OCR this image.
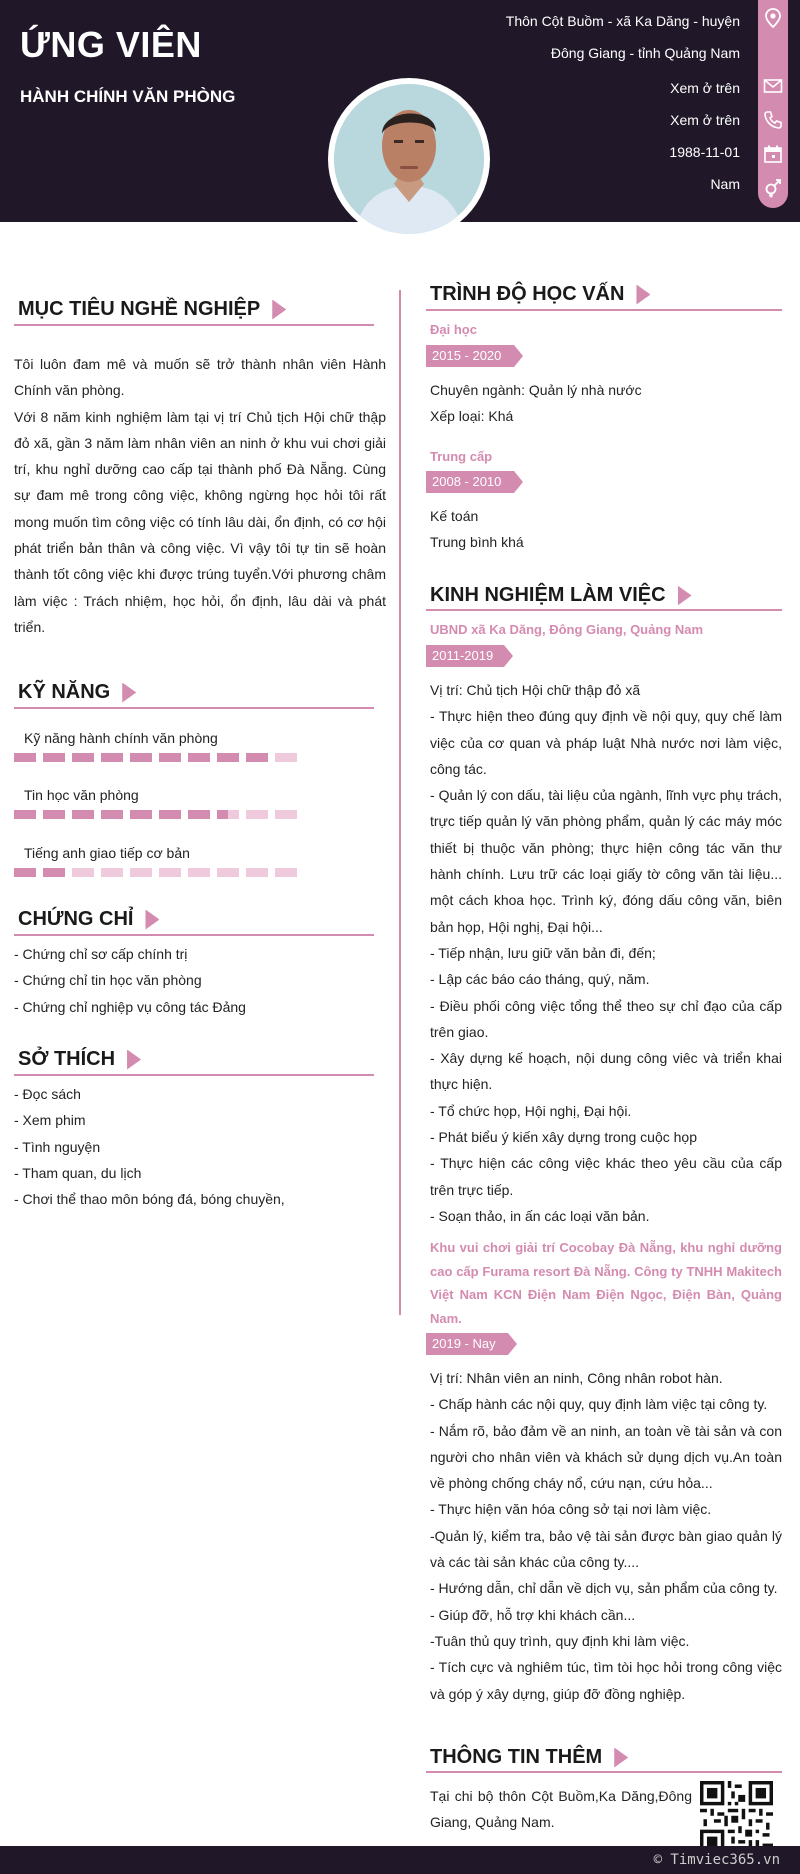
ỨNG VIÊN
HÀNH CHÍNH VĂN PHÒNG
Thôn Cột Buồm - xã Ka Dăng - huyện
Đông Giang - tỉnh Quảng Nam
Xem ở trên
Xem ở trên
1988-11-01
Nam
MỤC TIÊU NGHỀ NGHIỆP
Tôi luôn đam mê và muốn sẽ trở thành nhân viên Hành Chính văn phòng.
Với 8 năm kinh nghiệm làm tại vị trí Chủ tịch Hội chữ thập đỏ xã, gần 3 năm làm nhân viên an ninh ở khu vui chơi giải trí, khu nghỉ dưỡng cao cấp tại thành phố Đà Nẵng. Cùng sự đam mê trong công việc, không ngừng học hỏi tôi rất mong muốn tìm công việc có tính lâu dài, ổn định, có cơ hội phát triển bản thân và công việc. Vì vậy tôi tự tin sẽ hoàn thành tốt công việc khi được trúng tuyển.Với phương châm làm việc : Trách nhiệm, học hỏi, ổn định, lâu dài và phát triển.
KỸ NĂNG
Kỹ năng hành chính văn phòng
Tin học văn phòng
Tiếng anh giao tiếp cơ bản
CHỨNG CHỈ
- Chứng chỉ sơ cấp chính trị
- Chứng chỉ tin học văn phòng
- Chứng chỉ nghiệp vụ công tác Đảng
SỞ THÍCH
- Đọc sách
- Xem phim
- Tình nguyện
- Tham quan, du lịch
- Chơi thể thao môn bóng đá, bóng chuyền,
TRÌNH ĐỘ HỌC VẤN
Đại học
2015 - 2020
Chuyên ngành: Quản lý nhà nước
Xếp loại: Khá
Trung cấp
2008 - 2010
Kế toán
Trung bình khá
KINH NGHIỆM LÀM VIỆC
UBND xã Ka Dăng, Đông Giang, Quảng Nam
2011-2019
Vị trí: Chủ tịch Hội chữ thập đỏ xã
- Thực hiện theo đúng quy định về nội quy, quy chế làm việc của cơ quan và pháp luật Nhà nước nơi làm việc, công tác.
- Quản lý con dấu, tài liệu của ngành, lĩnh vực phụ trách, trực tiếp quản lý văn phòng phẩm, quản lý các máy móc thiết bị thuộc văn phòng; thực hiện công tác văn thư hành chính. Lưu trữ các loại giấy tờ công văn tài liệu... một cách khoa học. Trình ký, đóng dấu công văn, biên bản họp, Hội nghị, Đại hội...
- Tiếp nhận, lưu giữ văn bản đi, đến;
- Lập các báo cáo tháng, quý, năm.
- Điều phối công việc tổng thể theo sự chỉ đạo của cấp trên giao.
- Xây dựng kế hoạch, nội dung công viêc và triển khai thực hiện.
- Tổ chức họp, Hội nghị, Đại hội.
- Phát biểu ý kiến xây dựng trong cuộc họp
- Thực hiện các công việc khác theo yêu cầu của cấp trên trực tiếp.
- Soạn thảo, in ấn các loại văn bản.
Khu vui chơi giải trí Cocobay Đà Nẵng, khu nghỉ dưỡng cao cấp Furama resort Đà Nẵng. Công ty TNHH Makitech Việt Nam KCN Điện Nam Điện Ngọc, Điện Bàn, Quảng Nam.
2019 - Nay
Vị trí: Nhân viên an ninh, Công nhân robot hàn.
- Chấp hành các nội quy, quy định làm việc tại công ty.
- Nắm rõ, bảo đảm về an ninh, an toàn về tài sản và con người cho nhân viên và khách sử dụng dịch vụ.An toàn về phòng chống cháy nổ, cứu nạn, cứu hỏa...
- Thực hiện văn hóa công sở tại nơi làm việc.
-Quản lý, kiểm tra, bảo vệ tài sản được bàn giao quản lý và các tài sản khác của công ty....
- Hướng dẫn, chỉ dẫn về dịch vụ, sản phẩm của công ty.
- Giúp đỡ, hỗ trợ khi khách cần...
-Tuân thủ quy trình, quy định khi làm việc.
- Tích cực và nghiêm túc, tìm tòi học hỏi trong công việc và góp ý xây dựng, giúp đỡ đồng nghiệp.
THÔNG TIN THÊM
Tại chi bộ thôn Cột Buồm,Ka Dăng,Đông Giang, Quảng Nam.
© Timviec365.vn
